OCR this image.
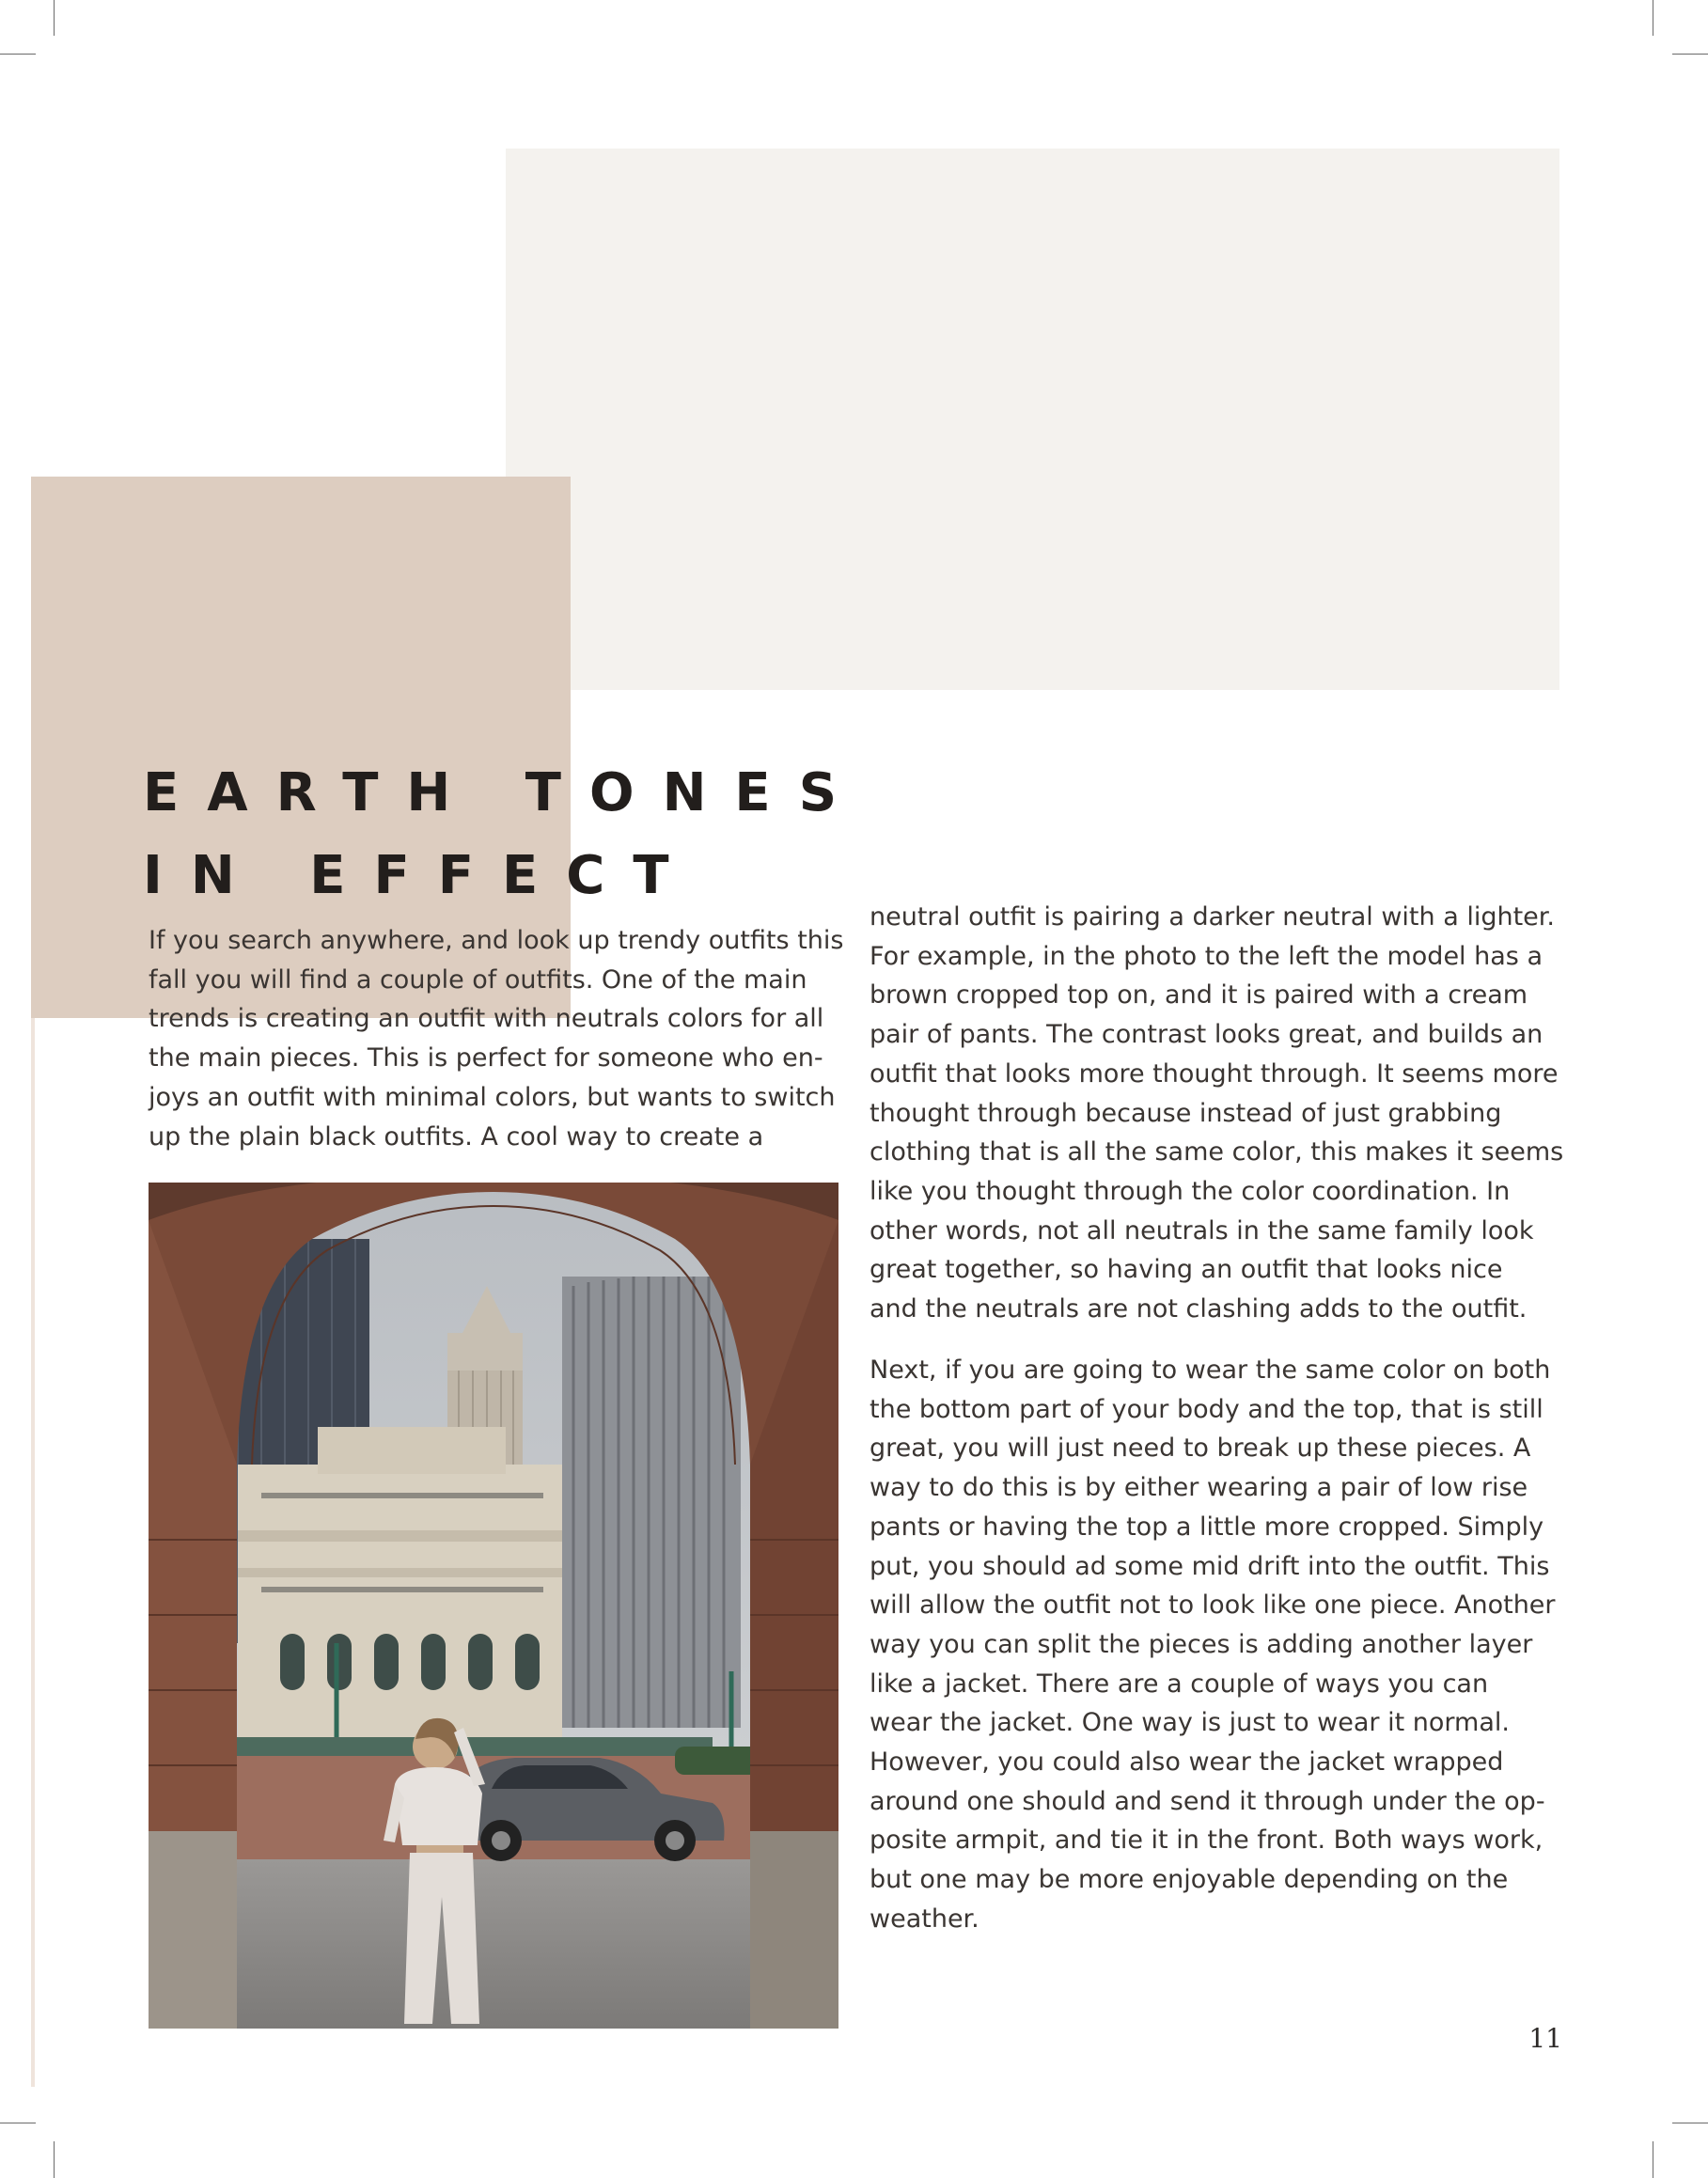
EARTH TONES
IN EFFECT

If you search anywhere, and look up trendy outfits this
fall you will find a couple of outfits. One of the main
trends is creating an outfit with neutrals colors for all
the main pieces. This is perfect for someone who en-
joys an outfit with minimal colors, but wants to switch
up the plain black outfits. A cool way to create a

neutral outfit is pairing a darker neutral with a lighter.
For example, in the photo to the left the model has a
brown cropped top on, and it is paired with a cream
pair of pants. The contrast looks great, and builds an
outfit that looks more thought through. It seems more
thought through because instead of just grabbing
clothing that is all the same color, this makes it seems
like you thought through the color coordination. In
other words, not all neutrals in the same family look
great together, so having an outfit that looks nice
and the neutrals are not clashing adds to the outfit.

Next, if you are going to wear the same color on both
the bottom part of your body and the top, that is still
great, you will just need to break up these pieces. A
way to do this is by either wearing a pair of low rise
pants or having the top a little more cropped. Simply
put, you should ad some mid drift into the outfit. This
will allow the outfit not to look like one piece. Another
way you can split the pieces is adding another layer
like a jacket. There are a couple of ways you can
wear the jacket. One way is just to wear it normal.
However, you could also wear the jacket wrapped
around one should and send it through under the op-
posite armpit, and tie it in the front. Both ways work,
but one may be more enjoyable depending on the
weather.

11
